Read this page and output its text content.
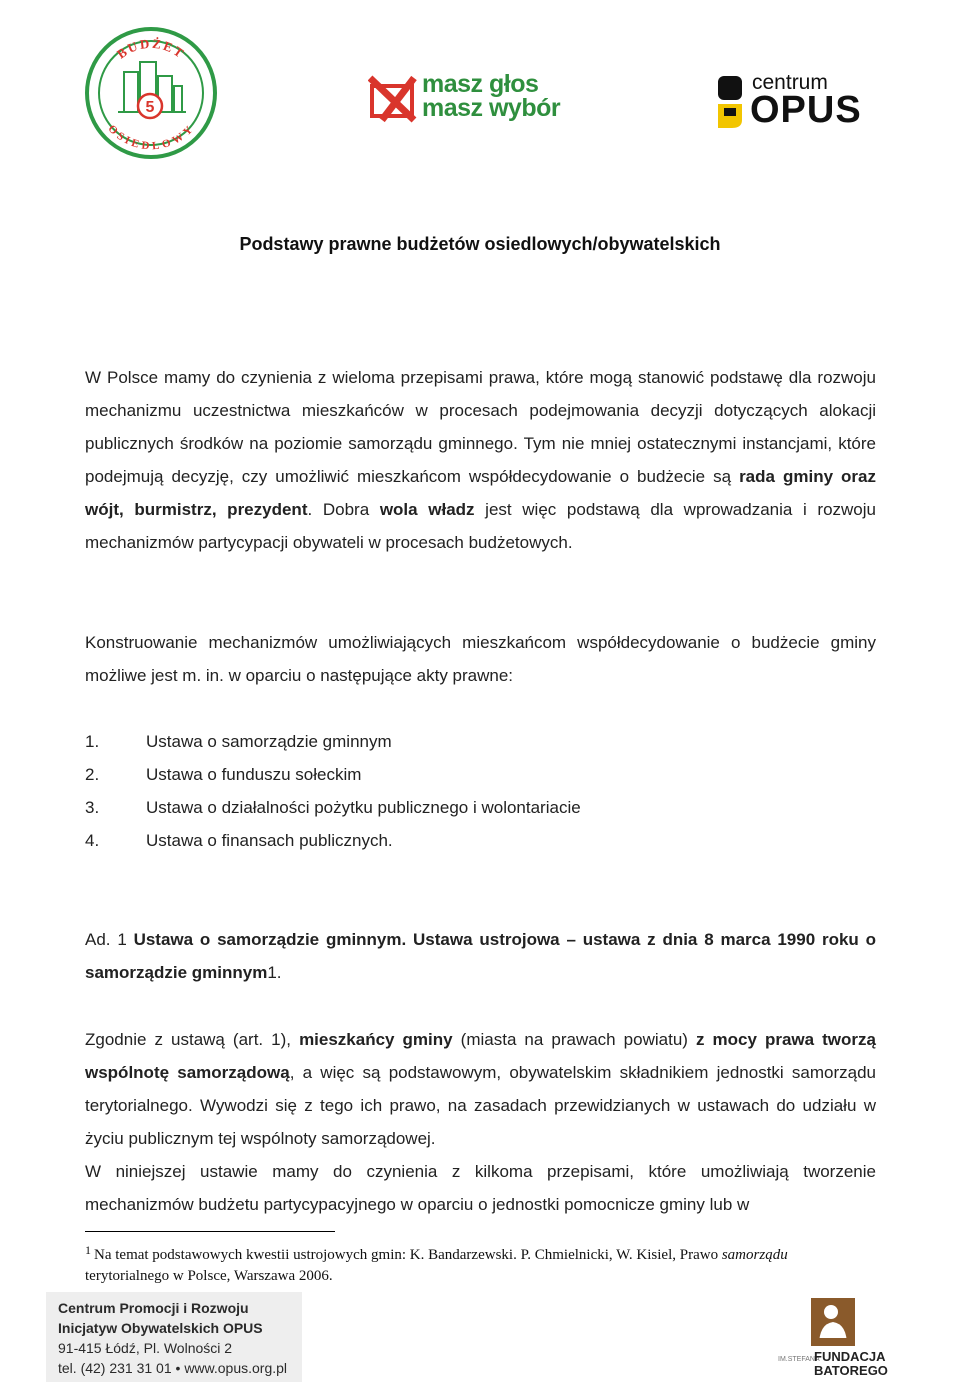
5
BUDŻET
OSIEDLOWY
masz głos
masz wybór
centrum
OPUS
Podstawy prawne budżetów osiedlowych/obywatelskich
W Polsce mamy do czynienia z wieloma przepisami prawa, które mogą stanowić podstawę dla rozwoju mechanizmu uczestnictwa mieszkańców w procesach podejmowania decyzji dotyczących alokacji publicznych środków na poziomie samorządu gminnego. Tym nie mniej ostatecznymi instancjami, które podejmują decyzję, czy umożliwić mieszkańcom współdecydowanie o budżecie są rada gminy oraz wójt, burmistrz, prezydent. Dobra wola władz jest więc podstawą dla wprowadzania i rozwoju mechanizmów partycypacji obywateli w procesach budżetowych.
Konstruowanie mechanizmów umożliwiających mieszkańcom współdecydowanie o budżecie gminy możliwe jest m. in. w oparciu o następujące akty prawne:
1.	Ustawa o samorządzie gminnym
2.	Ustawa o funduszu sołeckim
3.	Ustawa o działalności pożytku publicznego i wolontariacie
4.	Ustawa o finansach publicznych.
Ad. 1 Ustawa o samorządzie gminnym. Ustawa ustrojowa – ustawa z dnia 8 marca 1990 roku o samorządzie gminnym1.
Zgodnie z ustawą (art. 1), mieszkańcy gminy (miasta na prawach powiatu) z mocy prawa tworzą wspólnotę samorządową, a więc są podstawowym, obywatelskim składnikiem jednostki samorządu terytorialnego. Wywodzi się z tego ich prawo, na zasadach przewidzianych w ustawach do udziału w życiu publicznym tej wspólnoty samorządowej.
W niniejszej ustawie mamy do czynienia z kilkoma przepisami, które umożliwiają tworzenie mechanizmów budżetu partycypacyjnego w oparciu o jednostki pomocnicze gminy lub w
$^1$ Na temat podstawowych kwestii ustrojowych gmin: K. Bandarzewski. P. Chmielnicki, W. Kisiel, Prawo samorządu terytorialnego w Polsce, Warszawa 2006.
Centrum Promocji i Rozwoju
Inicjatyw Obywatelskich OPUS
91-415 Łódź, Pl. Wolności 2
tel. (42) 231 31 01 • www.opus.org.pl
IM.STEFANA
FUNDACJA
BATOREGO
